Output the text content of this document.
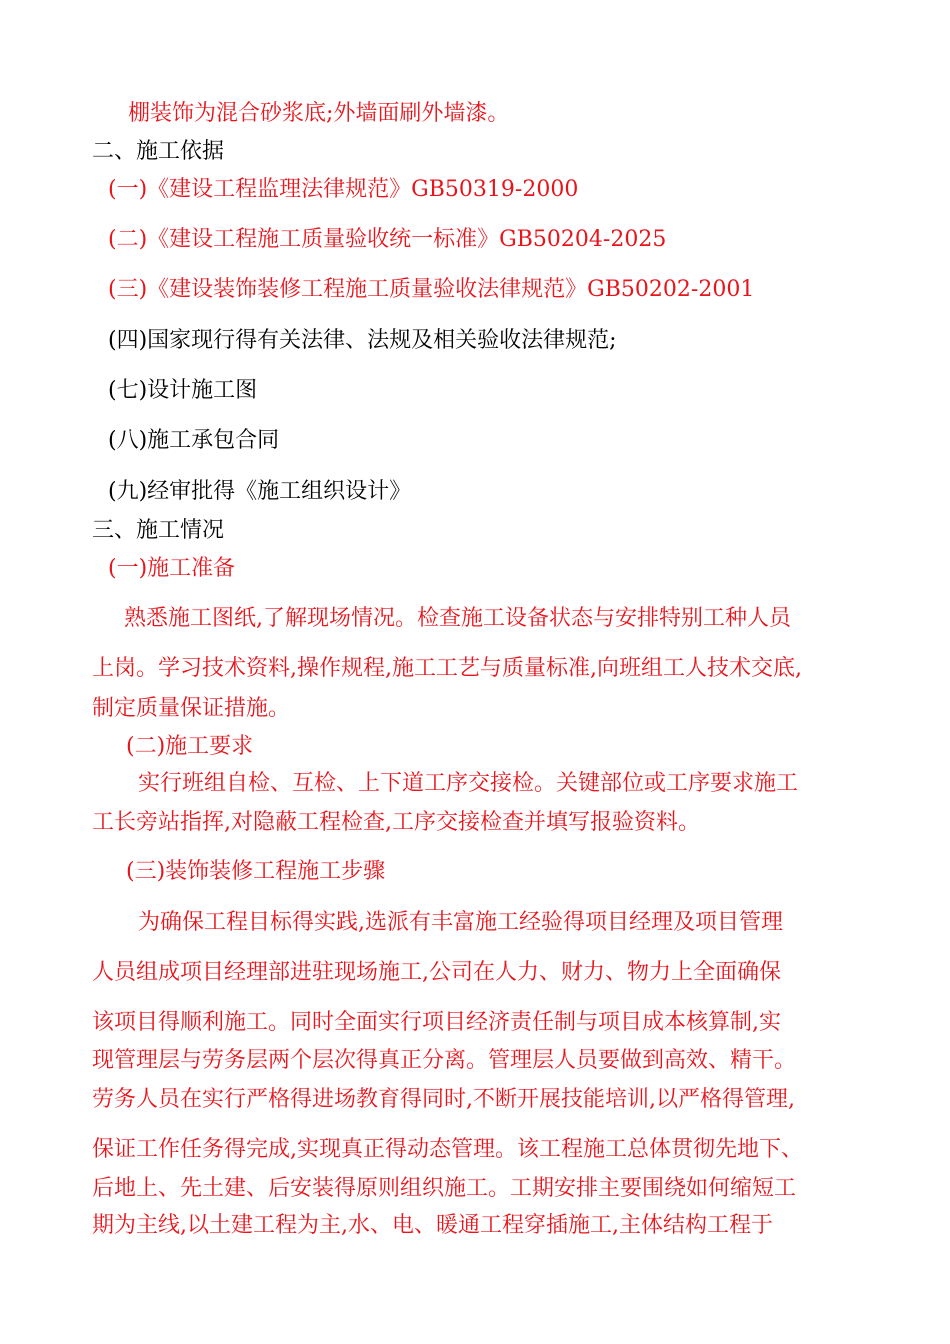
棚装饰为混合砂浆底;外墙面刷外墙漆。
二、施工依据
(一)《建设工程监理法律规范》GB50319-2000
(二)《建设工程施工质量验收统一标准》GB50204-2025
(三)《建设装饰装修工程施工质量验收法律规范》GB50202-2001
(四)国家现行得有关法律、法规及相关验收法律规范;
(七)设计施工图
(八)施工承包合同
(九)经审批得《施工组织设计》
三、施工情况
(一)施工准备
熟悉施工图纸,了解现场情况。检查施工设备状态与安排特别工种人员
上岗。学习技术资料,操作规程,施工工艺与质量标准,向班组工人技术交底,
制定质量保证措施。
(二)施工要求
实行班组自检、互检、上下道工序交接检。关键部位或工序要求施工
工长旁站指挥,对隐蔽工程检查,工序交接检查并填写报验资料。
(三)装饰装修工程施工步骤
为确保工程目标得实践,选派有丰富施工经验得项目经理及项目管理
人员组成项目经理部进驻现场施工,公司在人力、财力、物力上全面确保
该项目得顺利施工。同时全面实行项目经济责任制与项目成本核算制,实
现管理层与劳务层两个层次得真正分离。管理层人员要做到高效、精干。
劳务人员在实行严格得进场教育得同时,不断开展技能培训,以严格得管理,
保证工作任务得完成,实现真正得动态管理。该工程施工总体贯彻先地下、
后地上、先土建、后安装得原则组织施工。工期安排主要围绕如何缩短工
期为主线,以土建工程为主,水、电、暖通工程穿插施工,主体结构工程于
